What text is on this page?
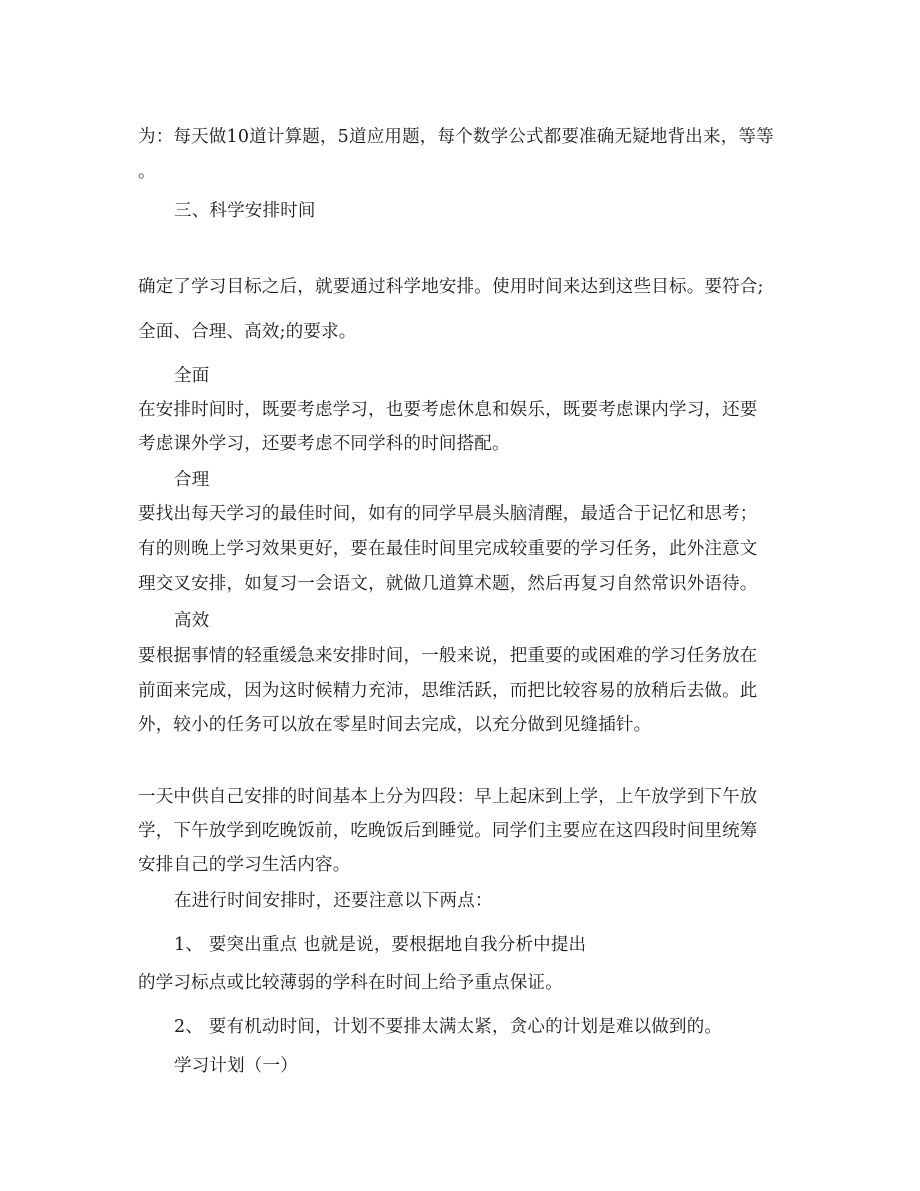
为：每天做10道计算题，5道应用题，每个数学公式都要准确无疑地背出来，等等
。
三、科学安排时间
确定了学习目标之后，就要通过科学地安排。使用时间来达到这些目标。要符合;
全面、合理、高效;的要求。
全面
在安排时间时，既要考虑学习，也要考虑休息和娱乐，既要考虑课内学习，还要
考虑课外学习，还要考虑不同学科的时间搭配。
合理
要找出每天学习的最佳时间，如有的同学早晨头脑清醒，最适合于记忆和思考；
有的则晚上学习效果更好，要在最佳时间里完成较重要的学习任务，此外注意文
理交叉安排，如复习一会语文，就做几道算术题，然后再复习自然常识外语待。
高效
要根据事情的轻重缓急来安排时间，一般来说，把重要的或困难的学习任务放在
前面来完成，因为这时候精力充沛，思维活跃，而把比较容易的放稍后去做。此
外，较小的任务可以放在零星时间去完成，以充分做到见缝插针。
一天中供自己安排的时间基本上分为四段：早上起床到上学，上午放学到下午放
学，下午放学到吃晚饭前，吃晚饭后到睡觉。同学们主要应在这四段时间里统筹
安排自己的学习生活内容。
在进行时间安排时，还要注意以下两点：
1、 要突出重点 也就是说，要根据地自我分析中提出
的学习标点或比较薄弱的学科在时间上给予重点保证。
2、 要有机动时间，计划不要排太满太紧，贪心的计划是难以做到的。
学习计划（一）
